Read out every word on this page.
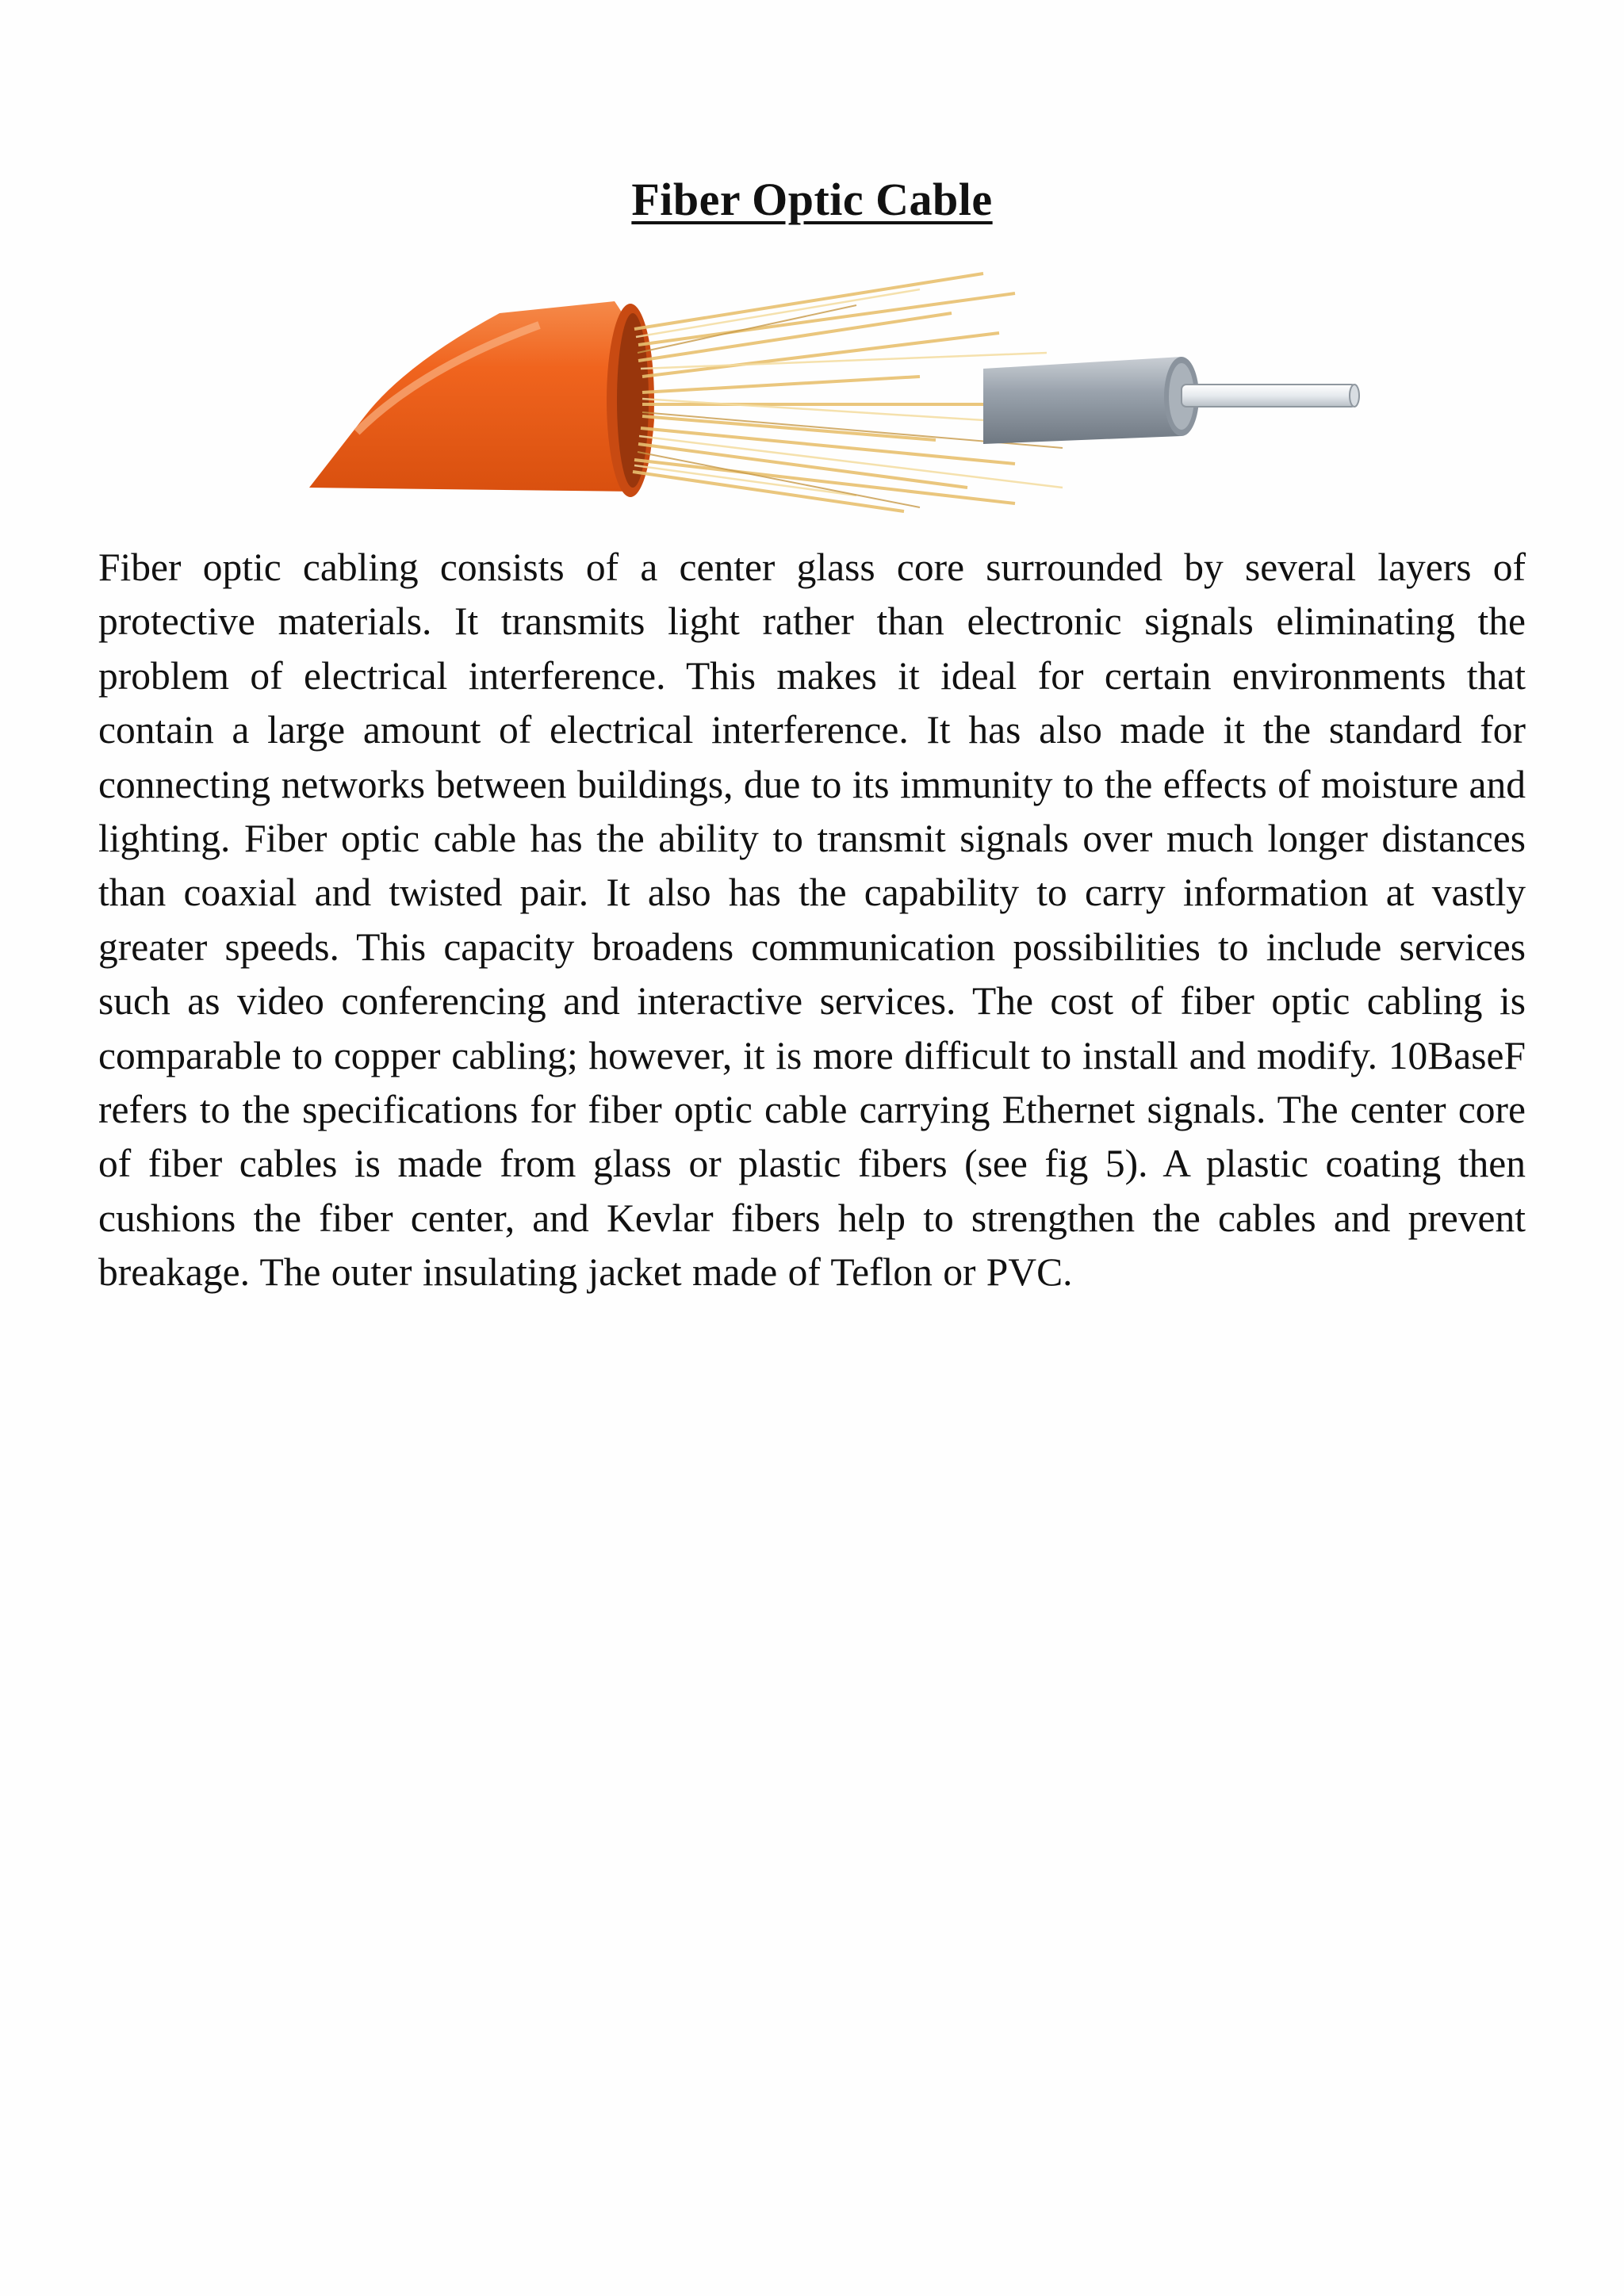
Fiber Optic Cable

Fiber optic cabling consists of a center glass core surrounded by several layers of protective materials. It transmits light rather than electronic signals eliminating the problem of electrical interference. This makes it ideal for certain environments that contain a large amount of electrical interference. It has also made it the standard for connecting networks between buildings, due to its immunity to the effects of moisture and lighting. Fiber optic cable has the ability to transmit signals over much longer distances than coaxial and twisted pair. It also has the capability to carry information at vastly greater speeds. This capacity broadens communication possibilities to include services such as video conferencing and interactive services. The cost of fiber optic cabling is comparable to copper cabling; however, it is more difficult to install and modify. 10BaseF refers to the specifications for fiber optic cable carrying Ethernet signals. The center core of fiber cables is made from glass or plastic fibers (see fig 5). A plastic coating then cushions the fiber center, and Kevlar fibers help to strengthen the cables and prevent breakage. The outer insulating jacket made of Teflon or PVC.
